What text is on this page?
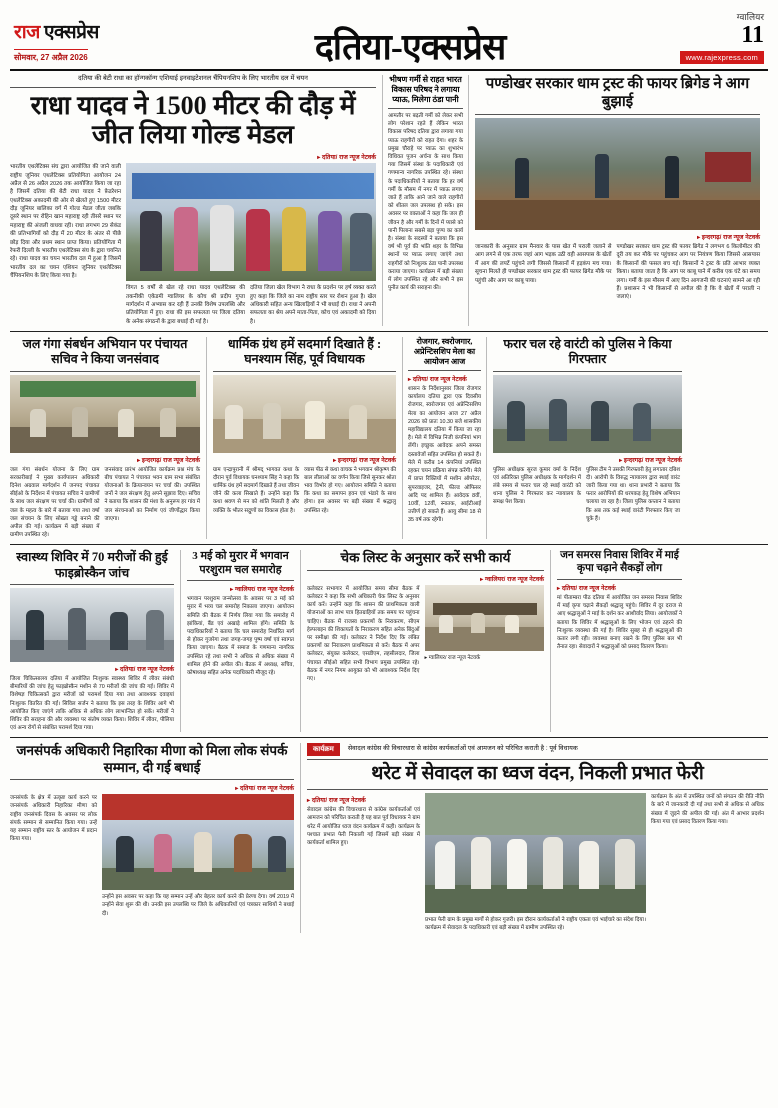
राज एक्सप्रेस
सोमवार, 27 अप्रैल 2026	दतिया-एक्सप्रेस
ग्वालियर
11
www.rajexpress.com
दतिया की बेटी राधा का हॉन्गकॉन्ग एशियाई इनवाइटेशनल चैंपियनशिप के लिए भारतीय दल में चयन
राधा यादव ने 1500 मीटर की दौड़ में जीत लिया गोल्ड मेडल
▸ दतिया/ राज न्यूज नेटवर्क
भारतीय एथलेटिक्स संघ द्वारा आयोजित की जाने वाली राष्ट्रीय जूनियर एथलेटिक्स प्रतियोगिता आयोजन 24 अप्रैल से 26 अप्रैल 2026 तक आयोजित किया जा रहा है जिसमें दतिया की बेटी राधा यादव ने फ़ेडरेशन एथलेटिक्स अकादमी की ओर से खेलते हुए 1500 मीटर दौड़ जूनियर बालिका वर्ग में गोल्ड मेडल जीता जबकि दूसरे स्थान पर रोहिन खान महाराष्ट्र रही तीसरे स्थान पर महाराष्ट्र की अंजली वाधवा रही। राधा लगभग 29 सेकंड की प्रतिभागियों को दौड़ में 20 मीटर के अंतर से पीछे छोड़ दिया और प्रथम स्थान प्राप्त किया। प्रतियोगिता में रेफरी दिल्ली के भारतीय एथलेटिक्स संघ के द्वारा चयनित रहे। राधा यादव का चयन भारतीय दल में हुआ है जिसमें भारतीय दल का चयन एशियन जूनियर एथलेटिक्स चैंपियनशिप के लिए किया गया है।
विगत 5 वर्षों से खेल रहे राधा यादव एथलेटिक्स की तकनीकी एकेडमी ग्वालियर के कोच श्री प्रदीप गुप्ता मार्गदर्शन में अभ्यास कर रही हैं उनकी विशेष उपलब्धि और प्रतियोगिता में हुए। राधा की इस सफलता पर जिला दतिया के अनेक संगठनों के द्वारा बधाई दी गई है।
दतिया जिला खेल विभाग ने राधा के प्रदर्शन पर हर्ष व्यक्त करते हुए कहा कि जिले का नाम राष्ट्रीय स्तर पर रोशन हुआ है। खेल अधिकारी सहित अन्य खिलाड़ियों ने भी बधाई दी। राधा ने अपनी सफलता का श्रेय अपने माता-पिता, कोच एवं अकादमी को दिया है।
भीषण गर्मी से राहत भारत विकास परिषद ने लगाया प्याऊ, मिलेगा ठंडा पानी
आमतौर पर बढ़ती गर्मी को लेकर सभी लोग परेशान रहते हैं लेकिन भारत विकास परिषद दतिया द्वारा लगाया गया प्याऊ राहगीरों को राहत देगा। शहर के प्रमुख चौराहे पर प्याऊ का शुभारंभ विधिवत पूजन अर्चना के साथ किया गया जिसमें संस्था के पदाधिकारी एवं गणमान्य नागरिक उपस्थित रहे। संस्था के पदाधिकारियों ने बताया कि हर वर्ष गर्मी के मौसम में नगर में प्याऊ लगाए जाते हैं ताकि आने जाने वाले राहगीरों को शीतल जल उपलब्ध हो सके। इस अवसर पर वक्ताओं ने कहा कि जल ही जीवन है और गर्मी के दिनों में प्यासे को पानी पिलाना सबसे बड़ा पुण्य का कार्य है। संस्था के सदस्यों ने बताया कि इस वर्ष भी पूर्व की भांति शहर के विभिन्न स्थानों पर प्याऊ लगाए जाएंगे तथा राहगीरों को निःशुल्क ठंडा पानी उपलब्ध कराया जाएगा। कार्यक्रम में बड़ी संख्या में लोग उपस्थित रहे और सभी ने इस पुनीत कार्य की सराहना की।
पण्डोखर सरकार धाम ट्रस्ट की फायर ब्रिगेड ने आग बुझाई
▸ इन्दरगढ़/ राज न्यूज नेटवर्क
जानकारी के अनुसार ग्राम मैनवार के पास खेत में पराली जलाने से आग लगने से एक तरफ जहां आग भड़क उठी वही आसपास के खेतों में आग की लपटें पहुंचने लगी जिससे किसानों में हड़कंप मच गया। सूचना मिलते ही पण्डोखर सरकार धाम ट्रस्ट की फायर ब्रिगेड मौके पर पहुंची और आग पर काबू पाया।
पण्डोखर सरकार धाम ट्रस्ट की फायर ब्रिगेड ने लगभग 6 किलोमीटर की दूरी तय कर मौके पर पहुंचकर आग पर नियंत्रण किया जिससे आसपास के किसानों की फसल बच गई। किसानों ने ट्रस्ट के प्रति आभार व्यक्त किया। बताया जाता है कि आग पर काबू पाने में करीब एक घंटे का समय लगा। गर्मी के इस मौसम में आए दिन आगजनी की घटनाएं सामने आ रही हैं। प्रशासन ने भी किसानों से अपील की है कि वे खेतों में पराली न जलाएं।
जल गंगा संबर्धन अभियान पर पंचायत सचिव ने किया जनसंवाद
▸ इन्दरगढ़/ राज न्यूज नेटवर्क
जल गंगा संबर्धन योजना के लिए ग्राम सरकारीबाई ने मुख्य कार्यपालन अधिकारी दिनेश अग्रवाल मार्गदर्शन में जनपद पंचायत सीईओ के निर्देशन में पंचायत सचिव ने ग्रामीणों के साथ जल संरक्षण पर चर्चा की। ग्रामीणों को जल के महत्व के बारे में बताया गया तथा वर्षा जल संचयन के लिए सोख्ता गड्ढे बनाने की अपील की गई। कार्यक्रम में बड़ी संख्या में ग्रामीण उपस्थित रहे।
जनसंवाद प्रारंभ आयोजित कार्यक्रम प्रश्न मंच के बीच पंचायत ने पंचायत भवन ग्राम सभा संबंधित योजनाओं के क्रियान्वयन पर चर्चा की। उपस्थित जनों ने जल संरक्षण हेतु अपने सुझाव दिए। सचिव ने बताया कि शासन की मंशा के अनुरूप हर गांव में जल संरचनाओं का निर्माण एवं जीर्णोद्धार किया जाएगा।
धार्मिक ग्रंथ हमें सदमार्ग दिखाते हैं : घनश्याम सिंह, पूर्व विधायक
▸ इन्दरगढ़/ राज न्यूज नेटवर्क
ग्राम एन्द्रापुरानी में श्रीमद् भागवत कथा के दौरान पूर्व विधायक घनश्याम सिंह ने कहा कि धार्मिक ग्रंथ हमें सदमार्ग दिखाते हैं तथा जीवन जीने की कला सिखाते हैं। उन्होंने कहा कि कथा श्रवण से मन को शांति मिलती है और व्यक्ति के भीतर सद्गुणों का विकास होता है।
व्यास पीठ से कथा वाचक ने भगवान श्रीकृष्ण की बाल लीलाओं का वर्णन किया जिसे सुनकर श्रोता भाव विभोर हो गए। आयोजन समिति ने बताया कि कथा का समापन हवन एवं भंडारे के साथ होगा। इस अवसर पर बड़ी संख्या में श्रद्धालु उपस्थित रहे।
रोजगार, स्वरोजगार, अप्रेन्टिसशिप मेला का आयोजन आज
▸ दतिया/ राज न्यूज नेटवर्क
शासन के निर्देशानुसार जिला रोजगार कार्यालय दतिया द्वारा एक दिवसीय रोजगार, स्वरोजगार एवं अप्रेन्टिसशिप मेला का आयोजन आज 27 अप्रैल 2026 को प्रातः 10.30 बजे शासकीय महाविद्यालय दतिया में किया जा रहा है। मेले में विभिन्न निजी कंपनियां भाग लेंगी। इच्छुक आवेदक अपने समस्त दस्तावेजों सहित उपस्थित हो सकते हैं। मेले में करीब 14 कंपनियां उपस्थित रहकर चयन प्रक्रिया संपन्न करेंगी। मेले में प्राप्त रिक्तियों में मशीन ऑपरेटर, सुपरवाइजर, ट्रेनी, फील्ड ऑफिसर आदि पद शामिल हैं। आवेदक 8वीं, 10वीं, 12वीं, स्नातक, आईटीआई उत्तीर्ण हो सकते हैं। आयु सीमा 18 से 35 वर्ष तक रहेगी।
फरार चल रहे वारंटी को पुलिस ने किया गिरफ्तार
▸ इन्दरगढ़/ राज न्यूज नेटवर्क
पुलिस अधीक्षक सूरज कुमार वर्मा के निर्देश एवं अतिरिक्त पुलिस अधीक्षक के मार्गदर्शन में लंबे समय से फरार चल रहे स्थाई वारंटी को थाना पुलिस ने गिरफ्तार कर न्यायालय के समक्ष पेश किया।
पुलिस टीम ने उसकी गिरफ्तारी हेतु लगातार दबिश दी। आरोपी के विरुद्ध न्यायालय द्वारा स्थाई वारंट जारी किया गया था। थाना प्रभारी ने बताया कि फरार आरोपियों की धरपकड़ हेतु विशेष अभियान चलाया जा रहा है। जिला पुलिस कप्तान ने बताया कि अब तक कई स्थाई वारंटी गिरफ्तार किए जा चुके हैं।
स्वास्थ्य शिविर में 70 मरीजों की हुई फाइब्रोस्कैन जांच
▸ दतिया/ राज न्यूज नेटवर्क
जिला चिकित्सालय दतिया में आयोजित निःशुल्क स्वास्थ्य शिविर में लीवर संबंधी बीमारियों की जांच हेतु फाइब्रोस्कैन मशीन से 70 मरीजों की जांच की गई। शिविर में विशेषज्ञ चिकित्सकों द्वारा मरीजों को परामर्श दिया गया तथा आवश्यक दवाइयां निःशुल्क वितरित की गईं। सिविल सर्जन ने बताया कि इस तरह के शिविर आगे भी आयोजित किए जाएंगे ताकि अधिक से अधिक लोग लाभान्वित हो सकें। मरीजों ने शिविर की सराहना की और व्यवस्था पर संतोष व्यक्त किया। शिविर में लीवर, पीलिया एवं अन्य रोगों से संबंधित परामर्श दिया गया।
3 मई को मुरार में भगवान परशुराम चल समारोह
▸ ग्वालियर/ राज न्यूज नेटवर्क
भगवान परशुराम जन्मोत्सव के अवसर पर 3 मई को मुरार में भव्य चल समारोह निकाला जाएगा। आयोजन समिति की बैठक में निर्णय लिया गया कि समारोह में झांकियां, बैंड एवं अखाड़े शामिल होंगे। समिति के पदाधिकारियों ने बताया कि चल समारोह निर्धारित मार्ग से होकर गुजरेगा तथा जगह-जगह पुष्प वर्षा एवं स्वागत किया जाएगा। बैठक में समाज के गणमान्य नागरिक उपस्थित रहे तथा सभी ने अधिक से अधिक संख्या में शामिल होने की अपील की। बैठक में अध्यक्ष, सचिव, कोषाध्यक्ष सहित अनेक पदाधिकारी मौजूद रहे।
चेक लिस्ट के अनुसार करें सभी कार्य
▸ ग्वालियर/ राज न्यूज नेटवर्क
कलेक्टर सभागार में आयोजित समय सीमा बैठक में कलेक्टर ने कहा कि सभी अधिकारी चेक लिस्ट के अनुसार कार्य करें। उन्होंने कहा कि शासन की प्राथमिकता वाली योजनाओं का लाभ पात्र हितग्राहियों तक समय पर पहुंचना चाहिए। बैठक में राजस्व प्रकरणों के निराकरण, सीएम हेल्पलाइन की शिकायतों के निराकरण सहित अनेक बिंदुओं पर समीक्षा की गई। कलेक्टर ने निर्देश दिए कि लंबित प्रकरणों का निराकरण प्राथमिकता से करें। बैठक में अपर कलेक्टर, संयुक्त कलेक्टर, एसडीएम, तहसीलदार, जिला पंचायत सीईओ सहित सभी विभाग प्रमुख उपस्थित रहे। बैठक में नगर निगम आयुक्त को भी आवश्यक निर्देश दिए गए।
▸ ग्वालियर/ राज न्यूज नेटवर्क
जन समरस निवास शिविर में माई कृपा चढ़ाने सैकड़ों लोग
▸ दतिया/ राज न्यूज नेटवर्क
मां पीताम्बरा पीठ दतिया में आयोजित जन समरस निवास शिविर में माई कृपा चढ़ाने सैकड़ों श्रद्धालु पहुंचे। शिविर में दूर दराज से आए श्रद्धालुओं ने माई के दर्शन कर आशीर्वाद लिया। आयोजकों ने बताया कि शिविर में श्रद्धालुओं के लिए भोजन एवं ठहरने की निःशुल्क व्यवस्था की गई है। शिविर सुबह से ही श्रद्धालुओं की कतार लगी रही। व्यवस्था बनाए रखने के लिए पुलिस बल भी तैनात रहा। सेवादारों ने श्रद्धालुओं को प्रसाद वितरण किया।
जनसंपर्क अधिकारी निहारिका मीणा को मिला लोक संपर्क सम्मान, दी गई बधाई
▸ दतिया/ राज न्यूज नेटवर्क
जनसंपर्क के क्षेत्र में उत्कृष्ट कार्य करने पर जनसंपर्क अधिकारी निहारिका मीणा को राष्ट्रीय जनसंपर्क दिवस के अवसर पर लोक संपर्क सम्मान से सम्मानित किया गया। उन्हें यह सम्मान राष्ट्रीय स्तर के आयोजन में प्रदान किया गया।
उन्होंने इस अवसर पर कहा कि यह सम्मान उन्हें और बेहतर कार्य करने की प्रेरणा देगा। वर्ष 2019 में उन्होंने सेवा शुरू की थी। उनकी इस उपलब्धि पर जिले के अधिकारियों एवं पत्रकार साथियों ने बधाई दी।
कार्यक्रम	सेवादल कांग्रेस की विचारधारा से कांग्रेस कार्यकर्ताओं एवं आमजन को परिचित कराती है : पूर्व विधायक
थरेट में सेवादल का ध्वज वंदन, निकली प्रभात फेरी
▸ दतिया/ राज न्यूज नेटवर्क
सेवादल कांग्रेस की विचारधारा से कांग्रेस कार्यकर्ताओं एवं आमजन को परिचित कराती है यह बात पूर्व विधायक ने ग्राम थरेट में आयोजित ध्वज वंदन कार्यक्रम में कही। कार्यक्रम के पश्चात प्रभात फेरी निकाली गई जिसमें बड़ी संख्या में कार्यकर्ता शामिल हुए।
प्रभात फेरी ग्राम के प्रमुख मार्गों से होकर गुजरी। इस दौरान कार्यकर्ताओं ने राष्ट्रीय एकता एवं भाईचारे का संदेश दिया। कार्यक्रम में सेवादल के पदाधिकारी एवं बड़ी संख्या में ग्रामीण उपस्थित रहे।
कार्यक्रम के अंत में उपस्थित जनों को संगठन की रीति नीति के बारे में जानकारी दी गई तथा सभी से अधिक से अधिक संख्या में जुड़ने की अपील की गई। अंत में आभार प्रदर्शन किया गया एवं प्रसाद वितरण किया गया।
